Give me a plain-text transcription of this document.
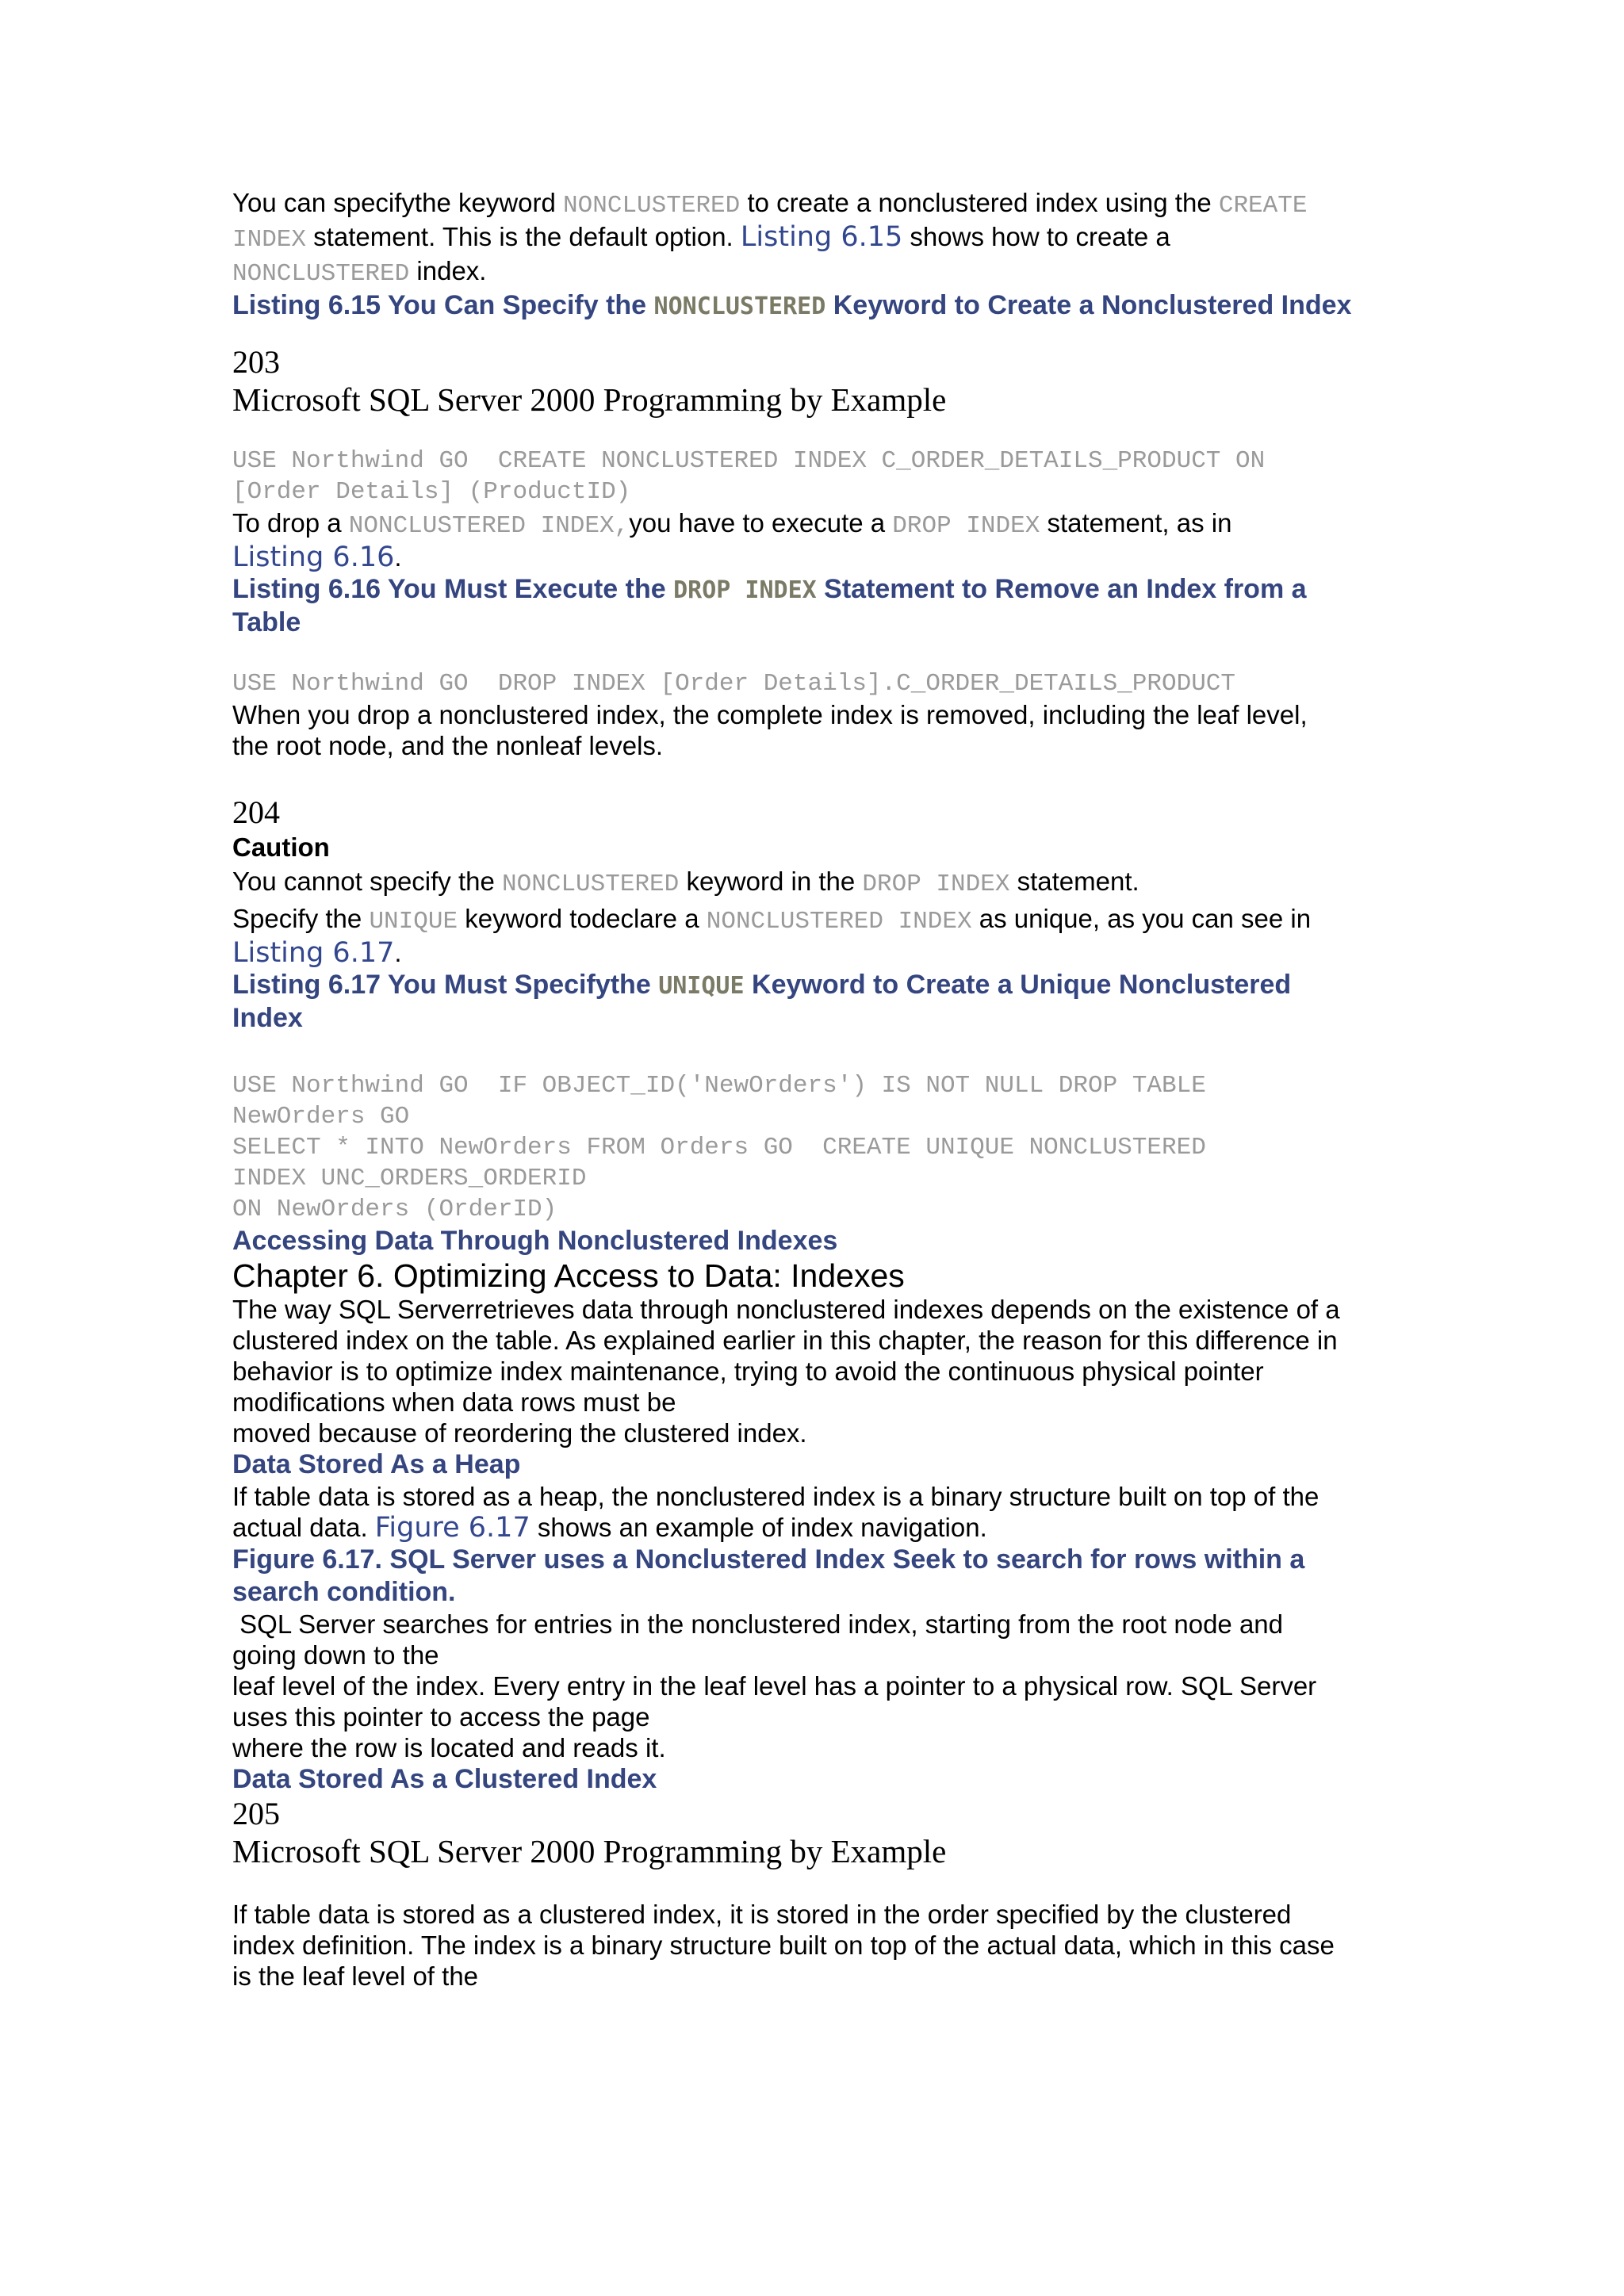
You can specifythe keyword NONCLUSTERED to create a nonclustered index using the CREATE
INDEX statement. This is the default option. Listing 6.15 shows how to create a
NONCLUSTERED index.

Listing 6.15 You Can Specify the NONCLUSTERED Keyword to Create a Nonclustered Index

203

Microsoft SQL Server 2000 Programming by Example

USE Northwind GO  CREATE NONCLUSTERED INDEX C_ORDER_DETAILS_PRODUCT ON
[Order Details] (ProductID)

To drop a NONCLUSTERED INDEX,you have to execute a DROP INDEX statement, as in
Listing 6.16.

Listing 6.16 You Must Execute the DROP INDEX Statement to Remove an Index from a
Table

USE Northwind GO  DROP INDEX [Order Details].C_ORDER_DETAILS_PRODUCT

When you drop a nonclustered index, the complete index is removed, including the leaf level,
the root node, and the nonleaf levels.

204

Caution

You cannot specify the NONCLUSTERED keyword in the DROP INDEX statement.

Specify the UNIQUE keyword todeclare a NONCLUSTERED INDEX as unique, as you can see in
Listing 6.17.

Listing 6.17 You Must Specifythe UNIQUE Keyword to Create a Unique Nonclustered
Index

USE Northwind GO  IF OBJECT_ID('NewOrders') IS NOT NULL DROP TABLE
NewOrders GO
SELECT * INTO NewOrders FROM Orders GO  CREATE UNIQUE NONCLUSTERED
INDEX UNC_ORDERS_ORDERID
ON NewOrders (OrderID)

Accessing Data Through Nonclustered Indexes

Chapter 6. Optimizing Access to Data: Indexes

The way SQL Serverretrieves data through nonclustered indexes depends on the existence of a
clustered index on the table. As explained earlier in this chapter, the reason for this difference in
behavior is to optimize index maintenance, trying to avoid the continuous physical pointer
modifications when data rows must be
moved because of reordering the clustered index.

Data Stored As a Heap

If table data is stored as a heap, the nonclustered index is a binary structure built on top of the
actual data. Figure 6.17 shows an example of index navigation.

Figure 6.17. SQL Server uses a Nonclustered Index Seek to search for rows within a
search condition.

SQL Server searches for entries in the nonclustered index, starting from the root node and
going down to the
leaf level of the index. Every entry in the leaf level has a pointer to a physical row. SQL Server
uses this pointer to access the page
where the row is located and reads it.

Data Stored As a Clustered Index

205

Microsoft SQL Server 2000 Programming by Example

If table data is stored as a clustered index, it is stored in the order specified by the clustered
index definition. The index is a binary structure built on top of the actual data, which in this case
is the leaf level of the
